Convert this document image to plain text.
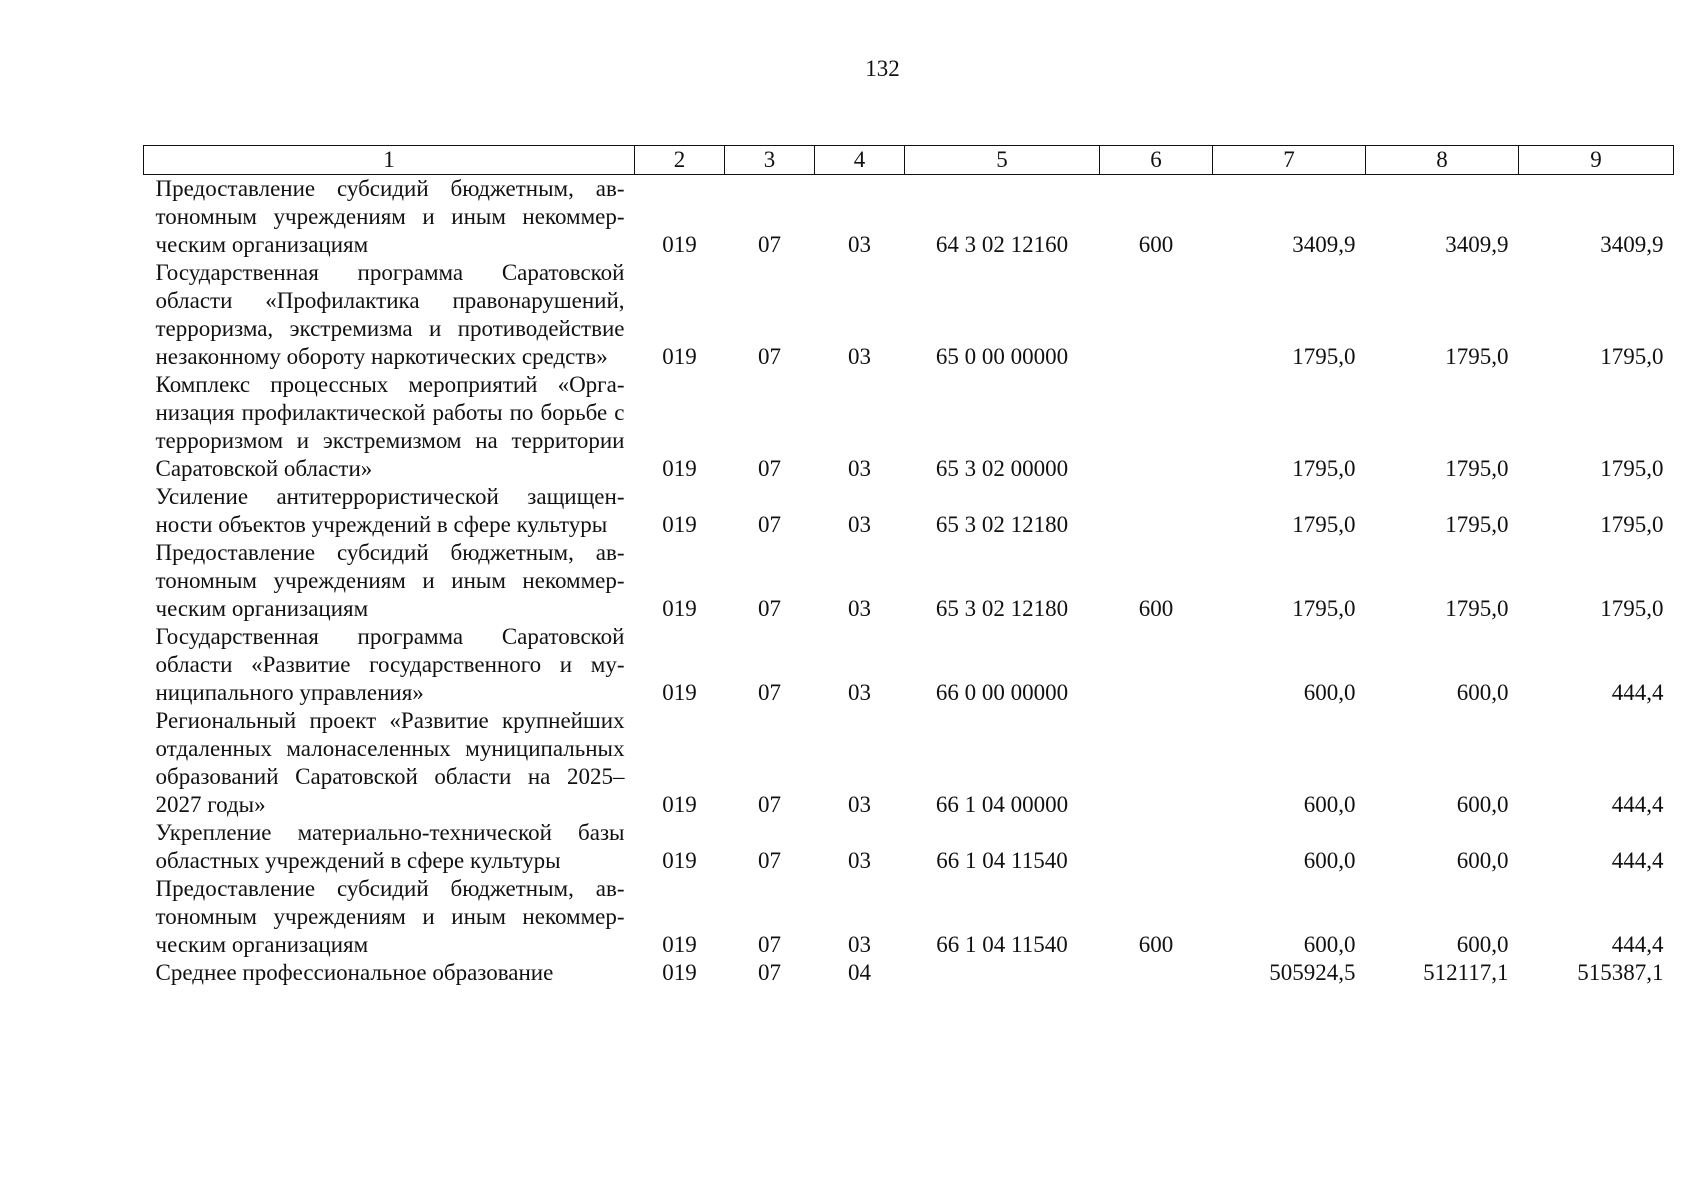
132
1	2	3	4	5	6	7	8	9
Предоставление субсидий бюджетным, автономным учреждениям и иным некоммерческим организациям	019	07	03	64 3 02 12160	600	3409,9	3409,9	3409,9
Государственная программа Саратовской области «Профилактика правонарушений, терроризма, экстремизма и противодействие незаконному обороту наркотических средств»	019	07	03	65 0 00 00000		1795,0	1795,0	1795,0
Комплекс процессных мероприятий «Организация профилактической работы по борьбе с терроризмом и экстремизмом на территории Саратовской области»	019	07	03	65 3 02 00000		1795,0	1795,0	1795,0
Усиление антитеррористической защищенности объектов учреждений в сфере культуры	019	07	03	65 3 02 12180		1795,0	1795,0	1795,0
Предоставление субсидий бюджетным, автономным учреждениям и иным некоммерческим организациям	019	07	03	65 3 02 12180	600	1795,0	1795,0	1795,0
Государственная программа Саратовской области «Развитие государственного и муниципального управления»	019	07	03	66 0 00 00000		600,0	600,0	444,4
Региональный проект «Развитие крупнейших отдаленных малонаселенных муниципальных образований Саратовской области на 2025–2027 годы»	019	07	03	66 1 04 00000		600,0	600,0	444,4
Укрепление материально-технической базы областных учреждений в сфере культуры	019	07	03	66 1 04 11540		600,0	600,0	444,4
Предоставление субсидий бюджетным, автономным учреждениям и иным некоммерческим организациям	019	07	03	66 1 04 11540	600	600,0	600,0	444,4
Среднее профессиональное образование	019	07	04			505924,5	512117,1	515387,1
